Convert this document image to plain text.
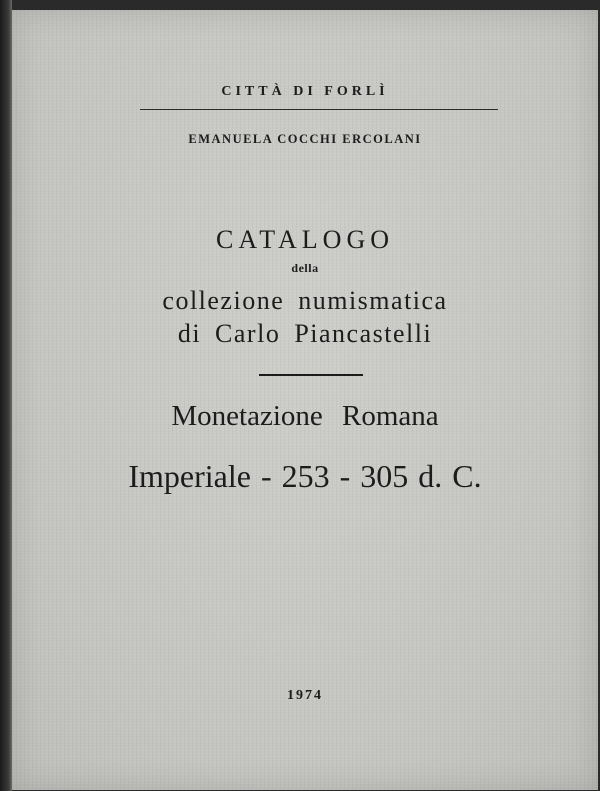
CITTÀ DI FORLÌ
EMANUELA COCCHI ERCOLANI
CATALOGO
della
collezione numismatica
di Carlo Piancastelli
Monetazione Romana
Imperiale - 253 - 305 d. C.
1974
